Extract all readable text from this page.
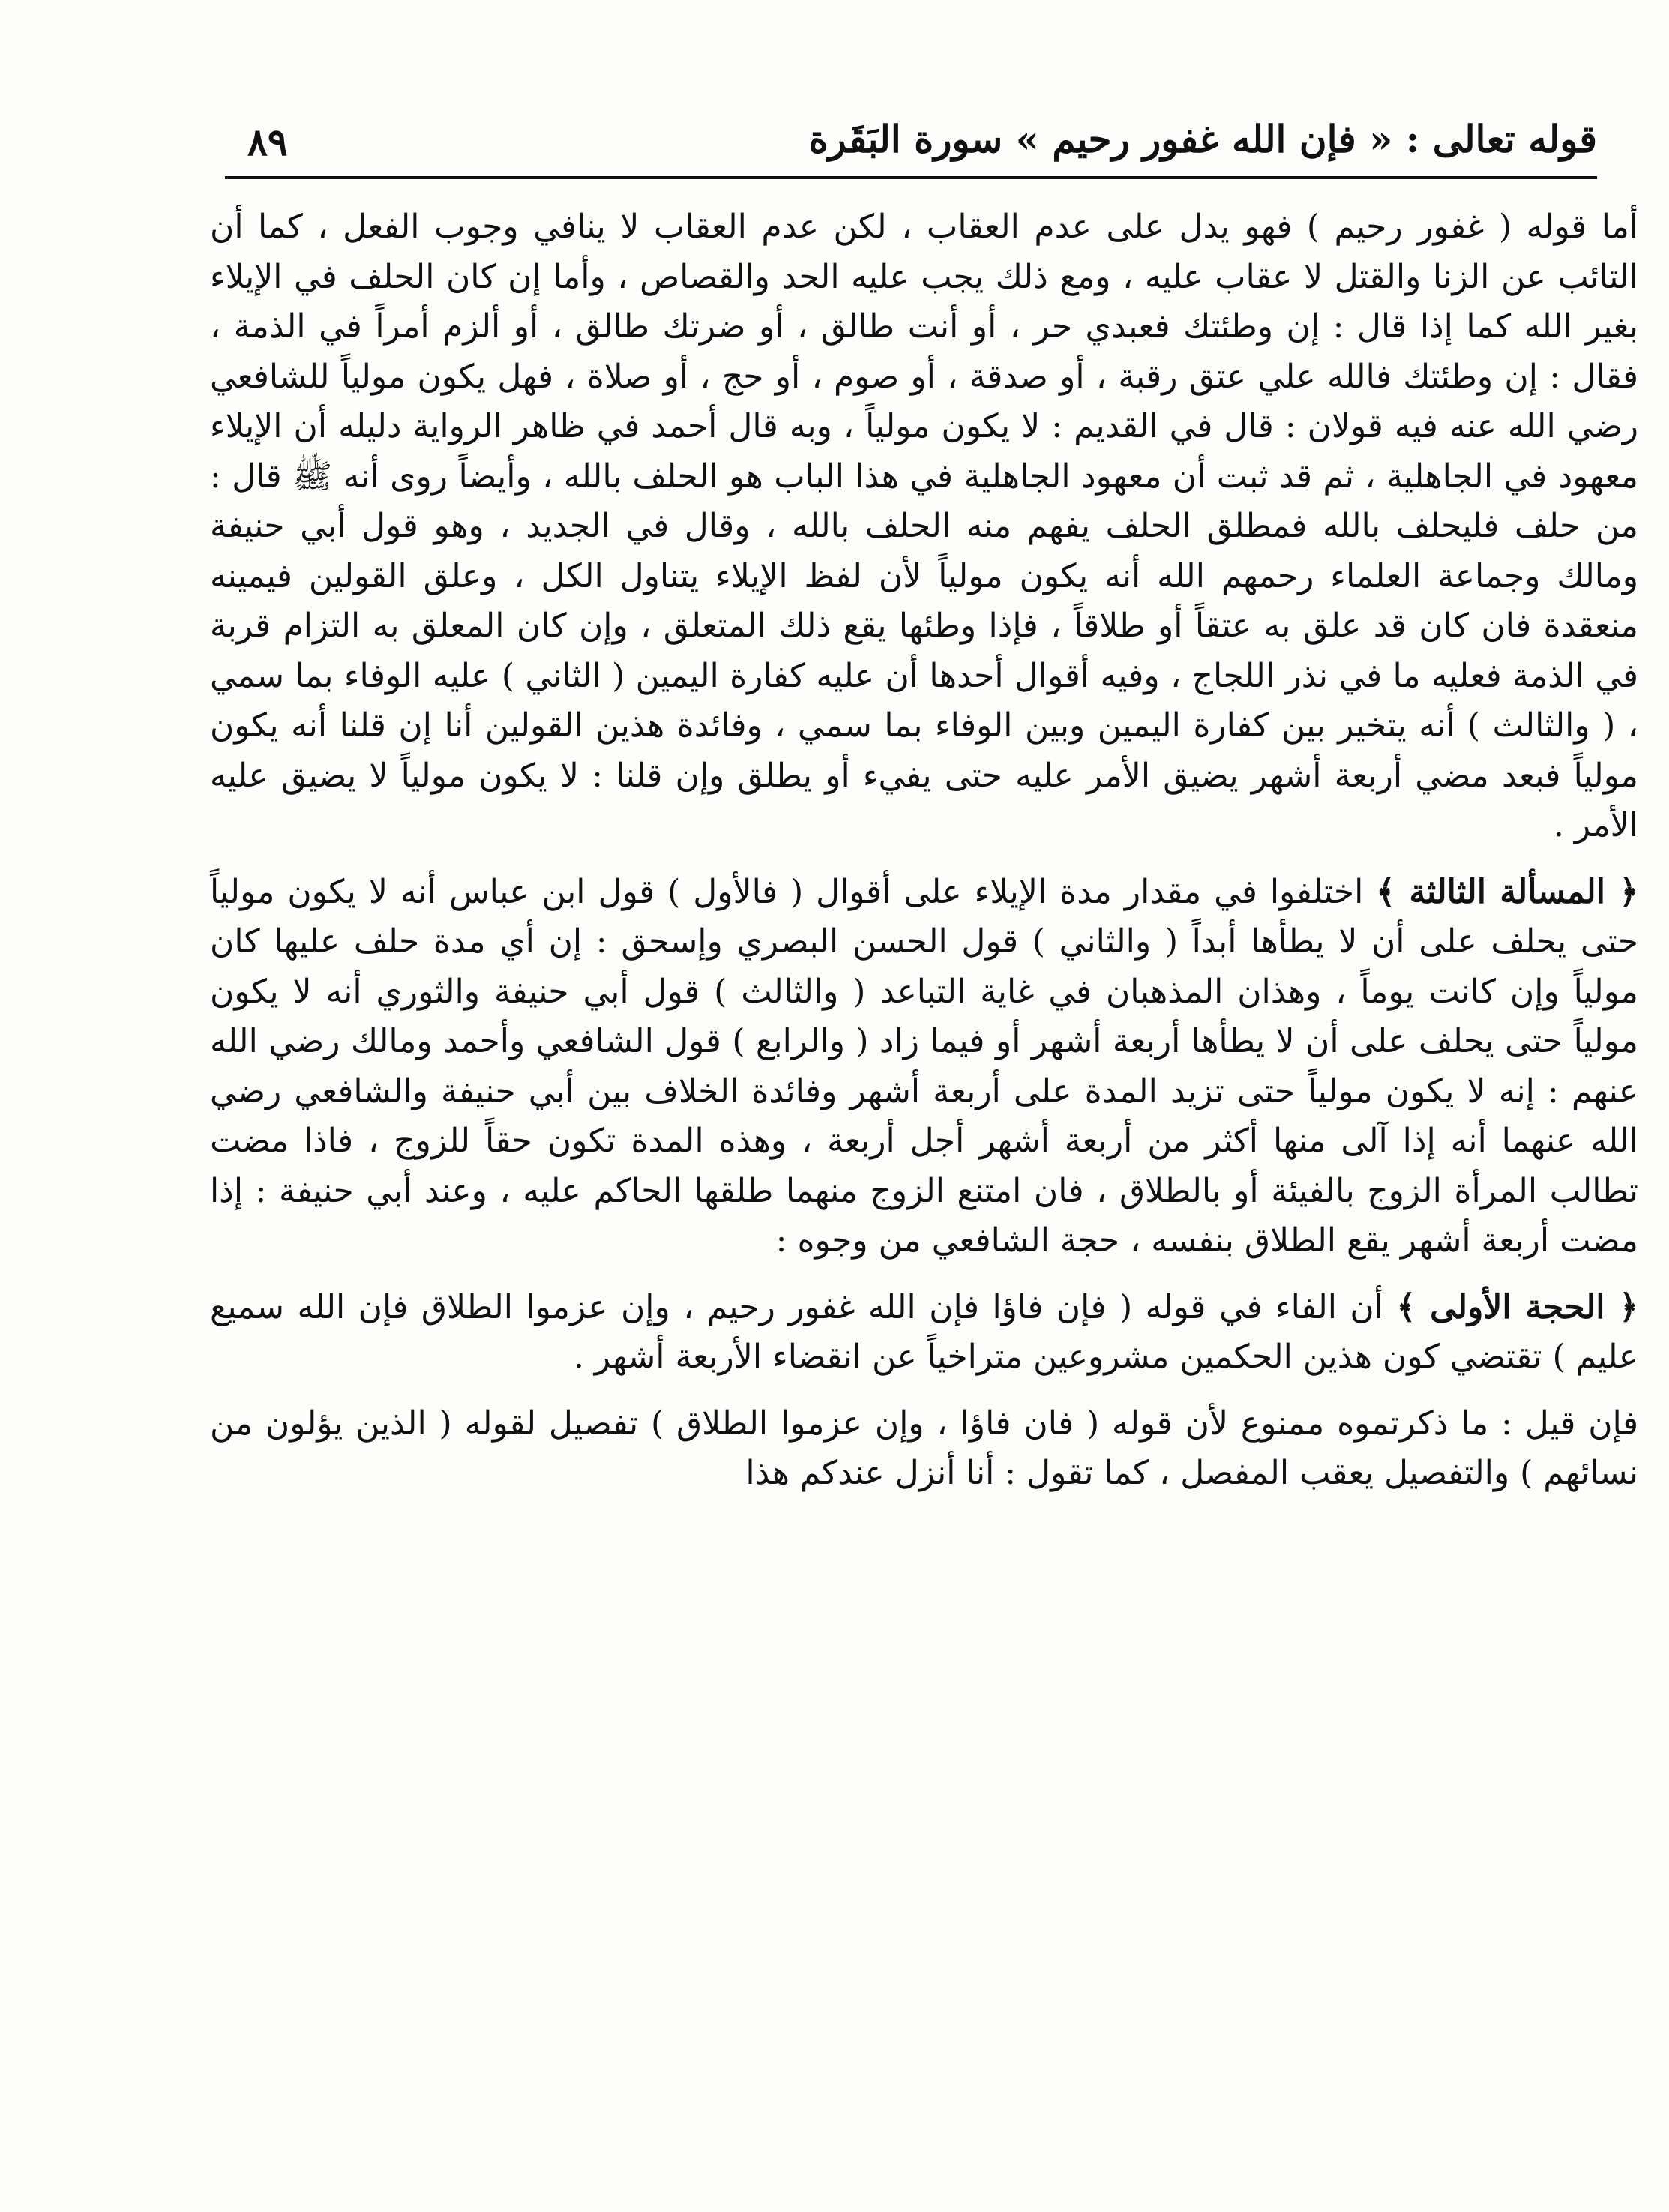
٨٩	قوله تعالى : « فإن الله غفور رحيم » سورة البَقَرة

أما قوله ( غفور رحيم ) فهو يدل على عدم العقاب ، لكن عدم العقاب لا ينافي وجوب الفعل ، كما أن التائب عن الزنا والقتل لا عقاب عليه ، ومع ذلك يجب عليه الحد والقصاص ، وأما إن كان الحلف في الإيلاء بغير الله كما إذا قال : إن وطئتك فعبدي حر ، أو أنت طالق ، أو ضرتك طالق ، أو ألزم أمراً في الذمة ، فقال : إن وطئتك فالله علي عتق رقبة ، أو صدقة ، أو صوم ، أو حج ، أو صلاة ، فهل يكون مولياً للشافعي رضي الله عنه فيه قولان : قال في القديم : لا يكون مولياً ، وبه قال أحمد في ظاهر الرواية دليله أن الإيلاء معهود في الجاهلية ، ثم قد ثبت أن معهود الجاهلية في هذا الباب هو الحلف بالله ، وأيضاً روى أنه ﷺ قال : من حلف فليحلف بالله فمطلق الحلف يفهم منه الحلف بالله ، وقال في الجديد ، وهو قول أبي حنيفة ومالك وجماعة العلماء رحمهم الله أنه يكون مولياً لأن لفظ الإيلاء يتناول الكل ، وعلق القولين فيمينه منعقدة فان كان قد علق به عتقاً أو طلاقاً ، فإذا وطئها يقع ذلك المتعلق ، وإن كان المعلق به التزام قربة في الذمة فعليه ما في نذر اللجاج ، وفيه أقوال أحدها أن عليه كفارة اليمين ( الثاني ) عليه الوفاء بما سمي ، ( والثالث ) أنه يتخير بين كفارة اليمين وبين الوفاء بما سمي ، وفائدة هذين القولين أنا إن قلنا أنه يكون مولياً فبعد مضي أربعة أشهر يضيق الأمر عليه حتى يفيء أو يطلق وإن قلنا : لا يكون مولياً لا يضيق عليه الأمر .

﴿ المسألة الثالثة ﴾ اختلفوا في مقدار مدة الإيلاء على أقوال ( فالأول ) قول ابن عباس أنه لا يكون مولياً حتى يحلف على أن لا يطأها أبداً ( والثاني ) قول الحسن البصري وإسحق : إن أي مدة حلف عليها كان مولياً وإن كانت يوماً ، وهذان المذهبان في غاية التباعد ( والثالث ) قول أبي حنيفة والثوري أنه لا يكون مولياً حتى يحلف على أن لا يطأها أربعة أشهر أو فيما زاد ( والرابع ) قول الشافعي وأحمد ومالك رضي الله عنهم : إنه لا يكون مولياً حتى تزيد المدة على أربعة أشهر وفائدة الخلاف بين أبي حنيفة والشافعي رضي الله عنهما أنه إذا آلى منها أكثر من أربعة أشهر أجل أربعة ، وهذه المدة تكون حقاً للزوج ، فاذا مضت تطالب المرأة الزوج بالفيئة أو بالطلاق ، فان امتنع الزوج منهما طلقها الحاكم عليه ، وعند أبي حنيفة : إذا مضت أربعة أشهر يقع الطلاق بنفسه ، حجة الشافعي من وجوه :

﴿ الحجة الأولى ﴾ أن الفاء في قوله ( فإن فاؤا فإن الله غفور رحيم ، وإن عزموا الطلاق فإن الله سميع عليم ) تقتضي كون هذين الحكمين مشروعين متراخياً عن انقضاء الأربعة أشهر .

فإن قيل : ما ذكرتموه ممنوع لأن قوله ( فان فاؤا ، وإن عزموا الطلاق ) تفصيل لقوله ( الذين يؤلون من نسائهم ) والتفصيل يعقب المفصل ، كما تقول : أنا أنزل عندكم هذا
